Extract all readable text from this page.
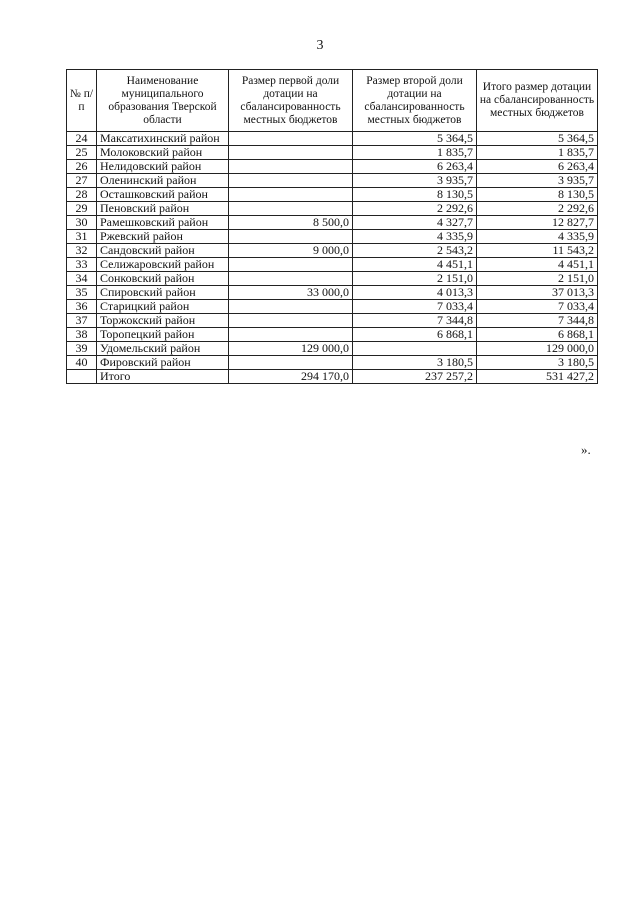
3
№ п/п	Наименование муниципального образования Тверской области	Размер первой доли дотации на сбалансированность местных бюджетов	Размер второй доли дотации на сбалансированность местных бюджетов	Итого размер дотации на сбалансированность местных бюджетов
24	Максатихинский район		5 364,5	5 364,5
25	Молоковский район		1 835,7	1 835,7
26	Нелидовский район		6 263,4	6 263,4
27	Оленинский район		3 935,7	3 935,7
28	Осташковский район		8 130,5	8 130,5
29	Пеновский район		2 292,6	2 292,6
30	Рамешковский район	8 500,0	4 327,7	12 827,7
31	Ржевский район		4 335,9	4 335,9
32	Сандовский район	9 000,0	2 543,2	11 543,2
33	Селижаровский район		4 451,1	4 451,1
34	Сонковский район		2 151,0	2 151,0
35	Спировский район	33 000,0	4 013,3	37 013,3
36	Старицкий район		7 033,4	7 033,4
37	Торжокский район		7 344,8	7 344,8
38	Торопецкий район		6 868,1	6 868,1
39	Удомельский район	129 000,0		129 000,0
40	Фировский район		3 180,5	3 180,5
	Итого	294 170,0	237 257,2	531 427,2
».
